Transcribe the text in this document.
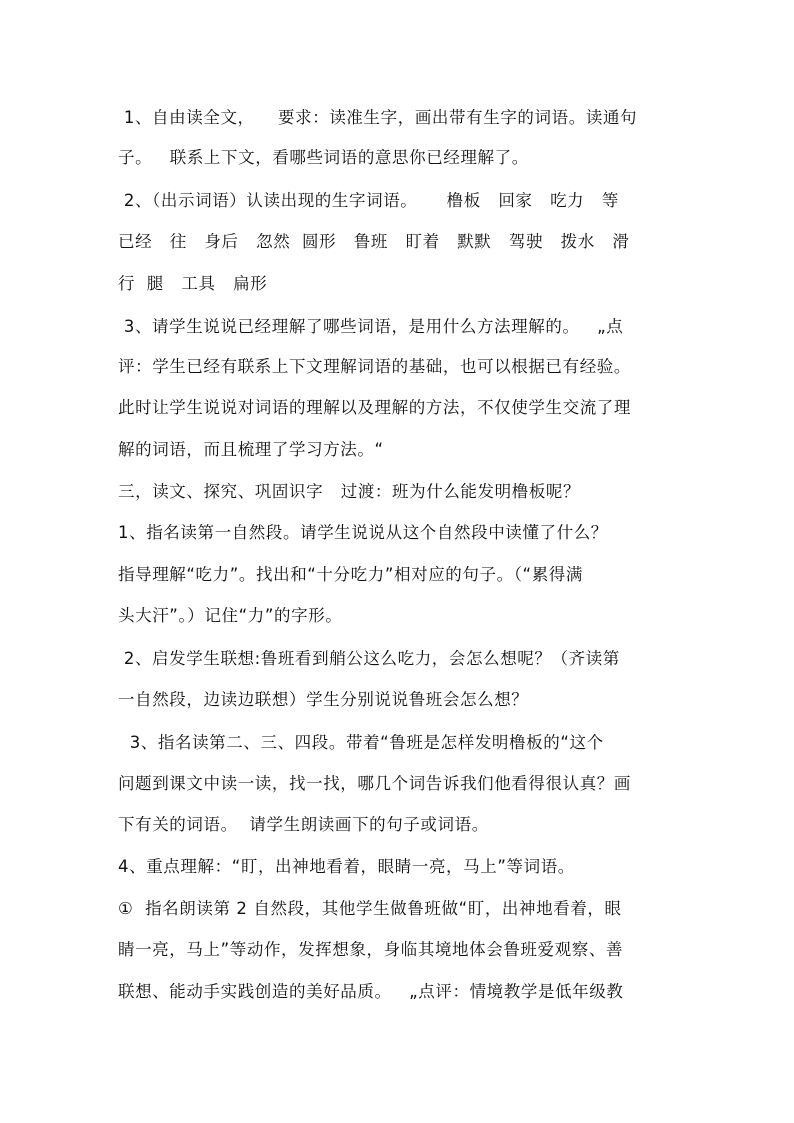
1、自由读全文，    要求：读准生字，画出带有生字的词语。读通句
子。   联系上下文，看哪些词语的意思你已经理解了。
2、（出示词语）认读出现的生字词语。     橹板   回家   吃力   等
已经   往   身后   忽然  圆形   鲁班   盯着   默默   驾驶   拨水   滑
行  腿   工具   扁形
3、请学生说说已经理解了哪些词语，是用什么方法理解的。   „点
评：学生已经有联系上下文理解词语的基础，也可以根据已有经验。
此时让学生说说对词语的理解以及理解的方法，不仅使学生交流了理
解的词语，而且梳理了学习方法。“
三，读文、探究、巩固识字   过渡：班为什么能发明橹板呢？
1、指名读第一自然段。请学生说说从这个自然段中读懂了什么？
指导理解“吃力”。找出和“十分吃力”相对应的句子。（“累得满
头大汗”。）记住“力”的字形。
2、启发学生联想:鲁班看到艄公这么吃力，会怎么想呢？（齐读第
一自然段，边读边联想）学生分别说说鲁班会怎么想？
3、指名读第二、三、四段。带着“鲁班是怎样发明橹板的“这个
问题到课文中读一读，找一找，哪几个词告诉我们他看得很认真？画
下有关的词语。  请学生朗读画下的句子或词语。
4、重点理解：“盯，出神地看着，眼睛一亮，马上”等词语。
①  指名朗读第 2 自然段，其他学生做鲁班做“盯，出神地看着，眼
睛一亮，马上”等动作，发挥想象，身临其境地体会鲁班爱观察、善
联想、能动手实践创造的美好品质。   „点评：情境教学是低年级教
